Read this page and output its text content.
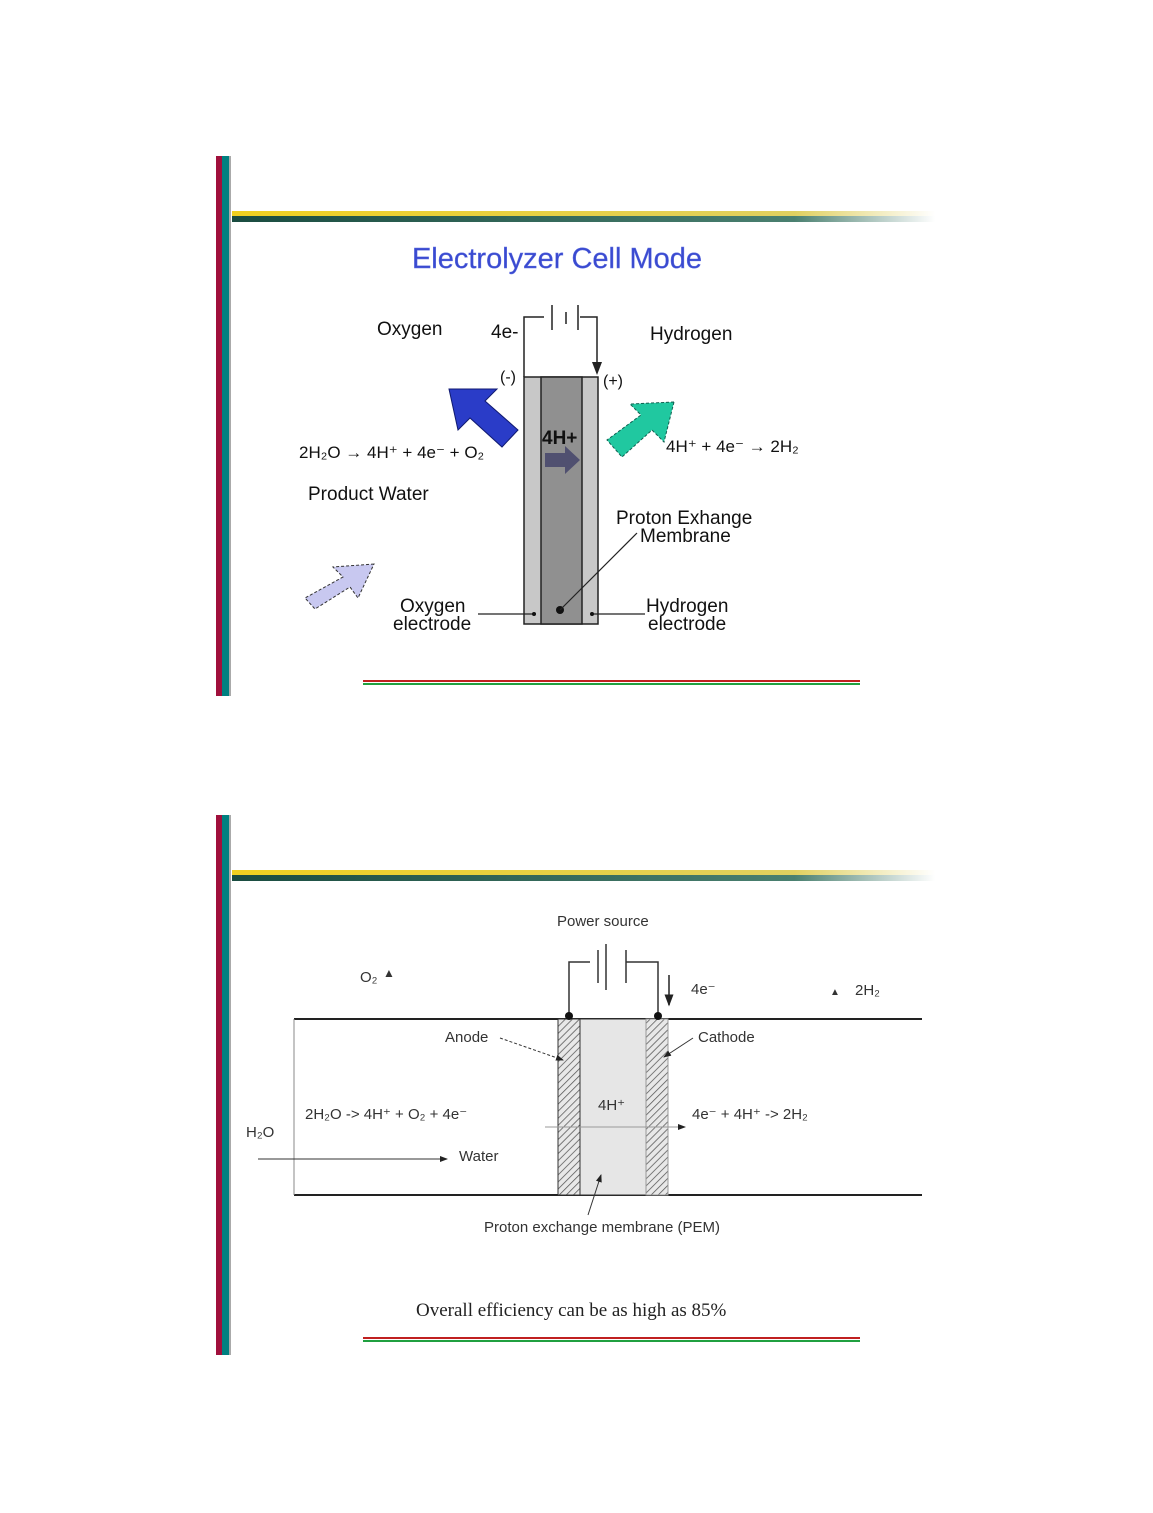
Electrolyzer Cell Mode
Oxygen	4e-	Hydrogen
(-)	(+)
4H+
2H₂O → 4H⁺ + 4e⁻ + O₂	4H⁺ + 4e⁻ → 2H₂
Product Water
Proton Exhange
Membrane
Oxygen
electrode
Hydrogen
electrode
Power source
O₂ ▲
4e⁻	▲ 2H₂
Anode	Cathode
2H₂O -> 4H⁺ + O₂ + 4e⁻
4H⁺
4e⁻ + 4H⁺ -> 2H₂
H₂O
Water
Proton exchange membrane (PEM)
Overall efficiency can be as high as 85%
